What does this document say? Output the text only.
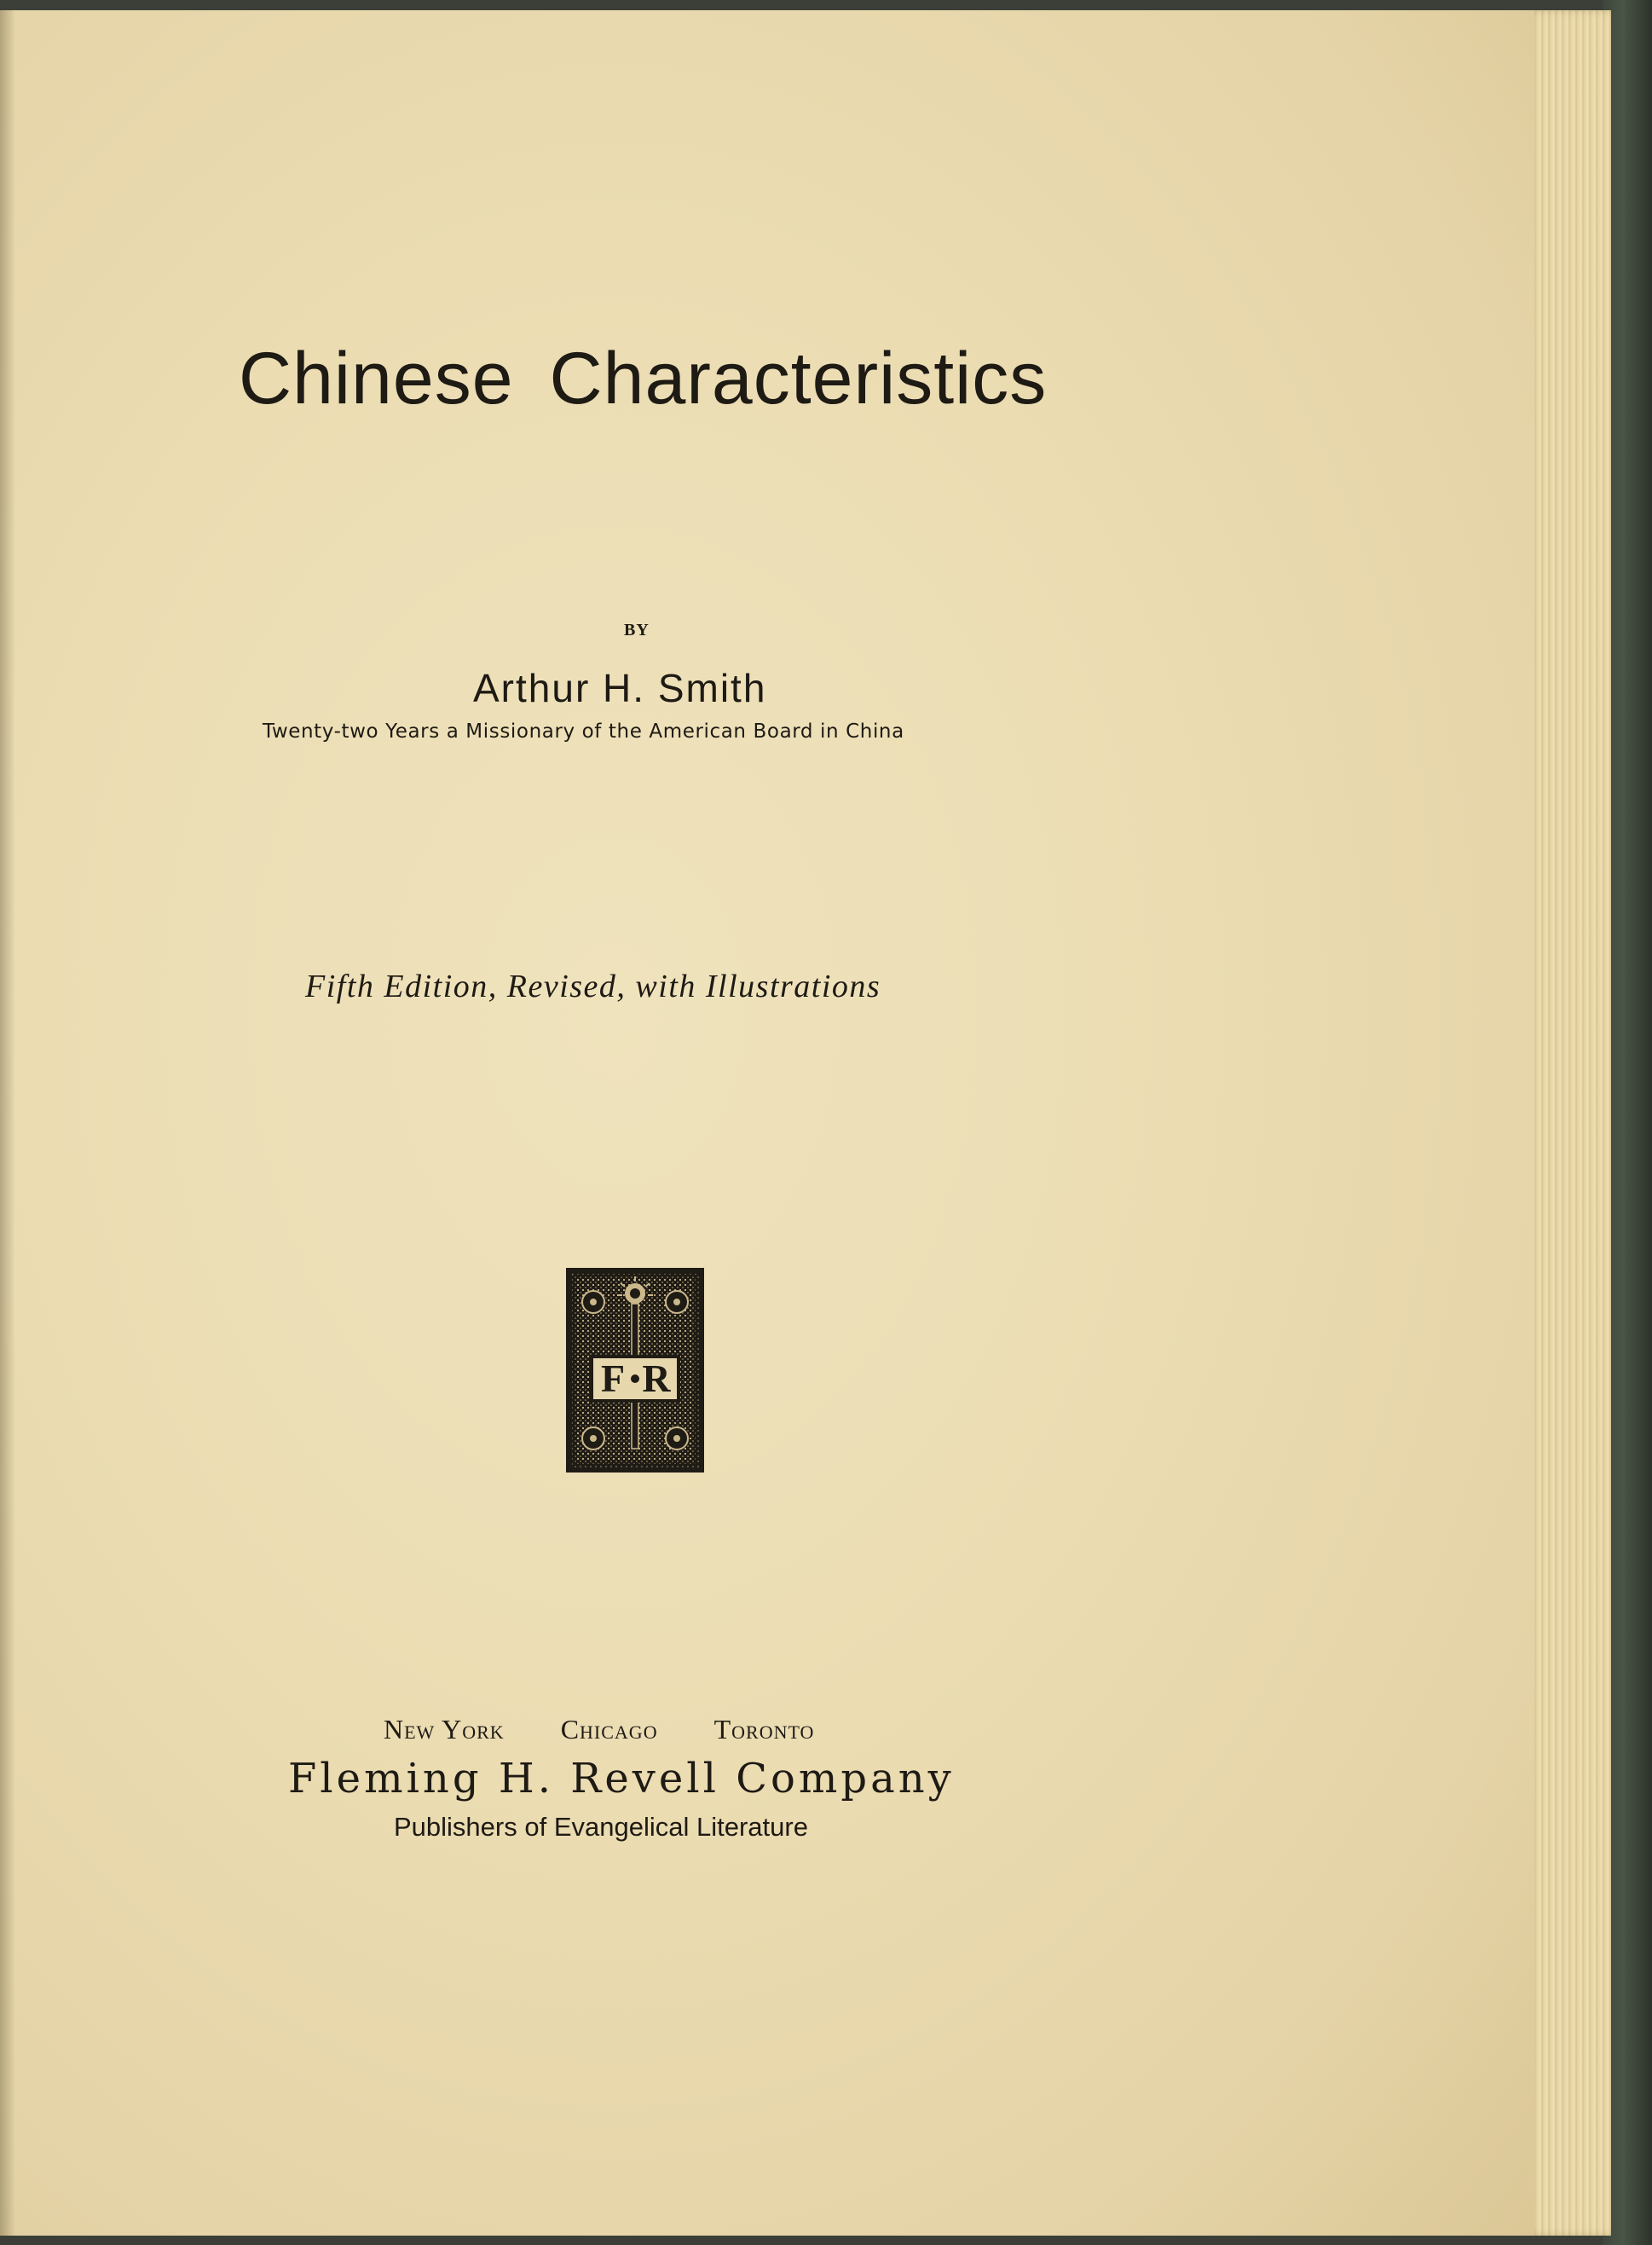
Chinese Characteristics
BY
Arthur H. Smith
Twenty-two Years a Missionary of the American Board in China
Fifth Edition, Revised, with Illustrations
F R
New York Chicago Toronto
Fleming H. Revell Company
Publishers of Evangelical Literature
